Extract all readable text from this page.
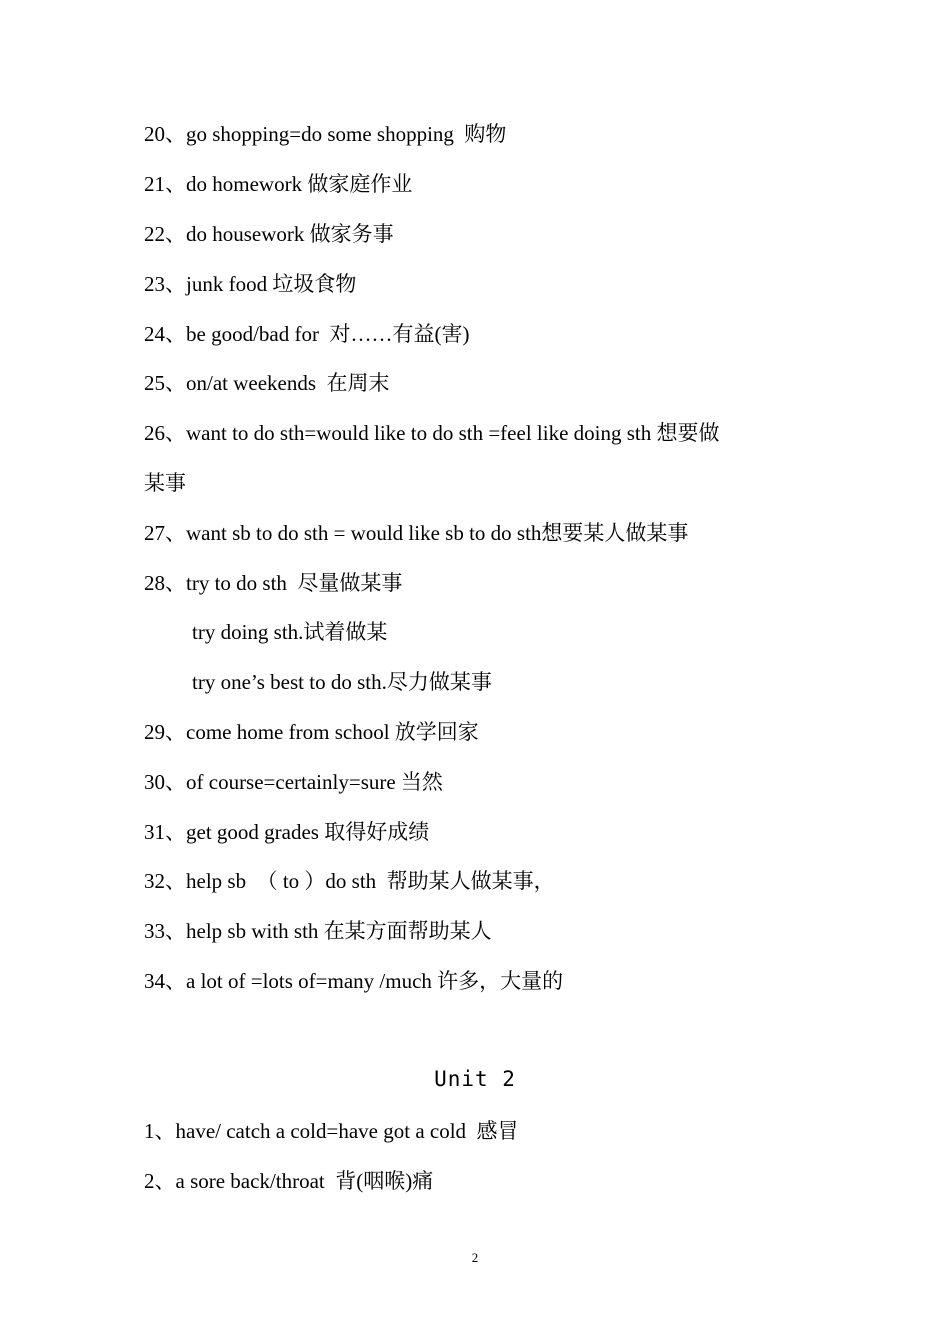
20、go shopping=do some shopping  购物
21、do homework 做家庭作业
22、do housework 做家务事
23、junk food 垃圾食物
24、be good/bad for  对……有益(害)
25、on/at weekends  在周末
26、want to do sth=would like to do sth =feel like doing sth 想要做
某事
27、want sb to do sth = would like sb to do sth想要某人做某事
28、try to do sth  尽量做某事
try doing sth.试着做某
try one’s best to do sth.尽力做某事
29、come home from school 放学回家
30、of course=certainly=sure 当然
31、get good grades 取得好成绩
32、help sb  （ to ）do sth  帮助某人做某事，
33、help sb with sth 在某方面帮助某人
34、a lot of =lots of=many /much 许多，大量的
Unit 2
1、have/ catch a cold=have got a cold  感冒
2、a sore back/throat  背(咽喉)痛
2
